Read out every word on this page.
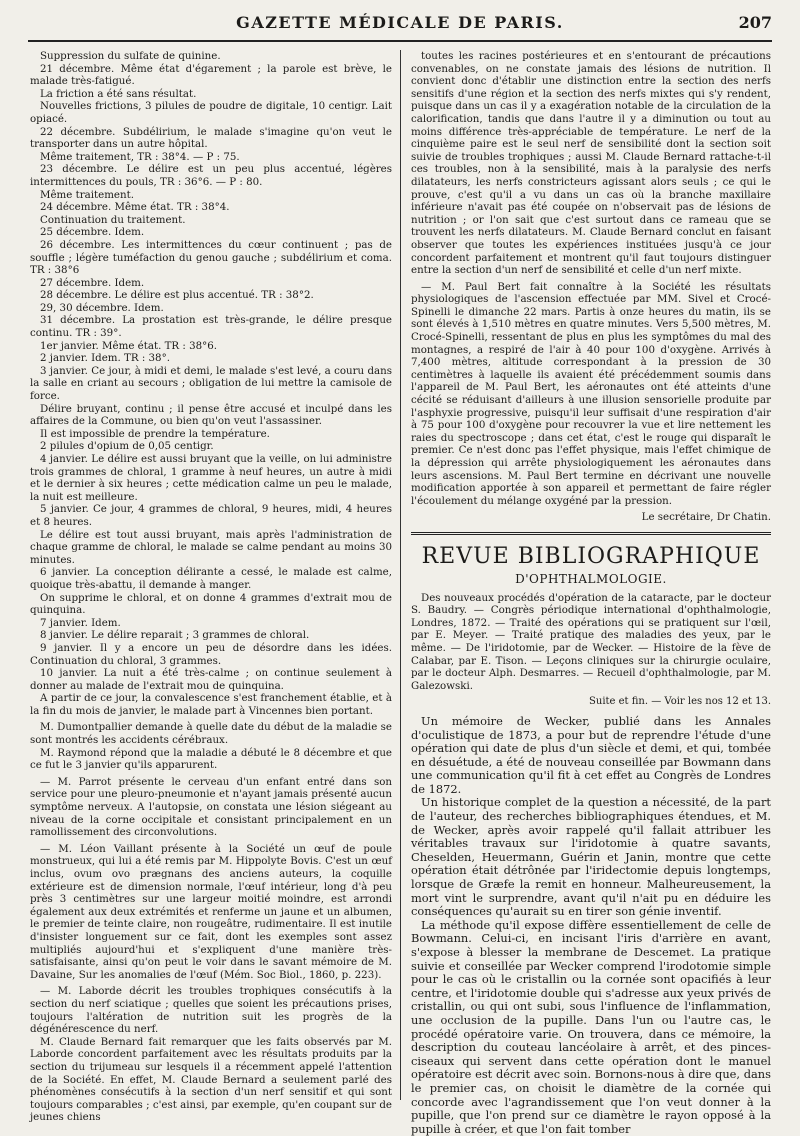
GAZETTE MÉDICALE DE PARIS.	207

Suppression du sulfate de quinine.

21 décembre. Même état d'égarement ; la parole est brève, le malade très-fatigué.

La friction a été sans résultat.

Nouvelles frictions, 3 pilules de poudre de digitale, 10 centigr. Lait opiacé.

22 décembre. Subdélirium, le malade s'imagine qu'on veut le transporter dans un autre hôpital.

Même traitement, TR : 38°4. — P : 75.

23 décembre. Le délire est un peu plus accentué, légères intermittences du pouls, TR : 36°6. — P : 80.

Même traitement.

24 décembre. Même état. TR : 38°4.

Continuation du traitement.

25 décembre. Idem.

26 décembre. Les intermittences du cœur continuent ; pas de souffle ; légère tuméfaction du genou gauche ; subdélirium et coma. TR : 38°6

27 décembre. Idem.

28 décembre. Le délire est plus accentué. TR : 38°2.

29, 30 décembre. Idem.

31 décembre. La prostation est très-grande, le délire presque continu. TR : 39°.

1er janvier. Même état. TR : 38°6.

2 janvier. Idem. TR : 38°.

3 janvier. Ce jour, à midi et demi, le malade s'est levé, a couru dans la salle en criant au secours ; obligation de lui mettre la camisole de force.

Délire bruyant, continu ; il pense être accusé et inculpé dans les affaires de la Commune, ou bien qu'on veut l'assassiner.

Il est impossible de prendre la température.

2 pilules d'opium de 0,05 centigr.

4 janvier. Le délire est aussi bruyant que la veille, on lui administre trois grammes de chloral, 1 gramme à neuf heures, un autre à midi et le dernier à six heures ; cette médication calme un peu le malade, la nuit est meilleure.

5 janvier. Ce jour, 4 grammes de chloral, 9 heures, midi, 4 heures et 8 heures.

Le délire est tout aussi bruyant, mais après l'administration de chaque gramme de chloral, le malade se calme pendant au moins 30 minutes.

6 janvier. La conception délirante a cessé, le malade est calme, quoique très-abattu, il demande à manger.

On supprime le chloral, et on donne 4 grammes d'extrait mou de quinquina.

7 janvier. Idem.

8 janvier. Le délire reparait ; 3 grammes de chloral.

9 janvier. Il y a encore un peu de désordre dans les idées. Continuation du chloral, 3 grammes.

10 janvier. La nuit a été très-calme ; on continue seulement à donner au malade de l'extrait mou de quinquina.

A partir de ce jour, la convalescence s'est franchement établie, et à la fin du mois de janvier, le malade part à Vincennes bien portant.

M. Dumontpallier demande à quelle date du début de la maladie se sont montrés les accidents cérébraux.

M. Raymond répond que la maladie a débuté le 8 décembre et que ce fut le 3 janvier qu'ils apparurent.

— M. Parrot présente le cerveau d'un enfant entré dans son service pour une pleuro-pneumonie et n'ayant jamais présenté aucun symptôme nerveux. A l'autopsie, on constata une lésion siégeant au niveau de la corne occipitale et consistant principalement en un ramollissement des circonvolutions.

— M. Léon Vaillant présente à la Société un œuf de poule monstrueux, qui lui a été remis par M. Hippolyte Bovis. C'est un œuf inclus, ovum ovo prægnans des anciens auteurs, la coquille extérieure est de dimension normale, l'œuf intérieur, long d'à peu près 3 centimètres sur une largeur moitié moindre, est arrondi également aux deux extrémités et renferme un jaune et un albumen, le premier de teinte claire, non rougeâtre, rudimentaire. Il est inutile d'insister longuement sur ce fait, dont les exemples sont assez multipliés aujourd'hui et s'expliquent d'une manière très-satisfaisante, ainsi qu'on peut le voir dans le savant mémoire de M. Davaine, Sur les anomalies de l'œuf (Mém. Soc Biol., 1860, p. 223).

— M. Laborde décrit les troubles trophiques consécutifs à la section du nerf sciatique ; quelles que soient les précautions prises, toujours l'altération de nutrition suit les progrès de la dégénérescence du nerf.

M. Claude Bernard fait remarquer que les faits observés par M. Laborde concordent parfaitement avec les résultats produits par la section du trijumeau sur lesquels il a récemment appelé l'attention de la Société. En effet, M. Claude Bernard a seulement parlé des phénomènes consécutifs à la section d'un nerf sensitif et qui sont toujours comparables ; c'est ainsi, par exemple, qu'en coupant sur de jeunes chiens

toutes les racines postérieures et en s'entourant de précautions convenables, on ne constate jamais des lésions de nutrition. Il convient donc d'établir une distinction entre la section des nerfs sensitifs d'une région et la section des nerfs mixtes qui s'y rendent, puisque dans un cas il y a exagération notable de la circulation de la calorification, tandis que dans l'autre il y a diminution ou tout au moins différence très-appréciable de température. Le nerf de la cinquième paire est le seul nerf de sensibilité dont la section soit suivie de troubles trophiques ; aussi M. Claude Bernard rattache-t-il ces troubles, non à la sensibilité, mais à la paralysie des nerfs dilatateurs, les nerfs constricteurs agissant alors seuls ; ce qui le prouve, c'est qu'il a vu dans un cas où la branche maxillaire inférieure n'avait pas été coupée on n'observait pas de lésions de nutrition ; or l'on sait que c'est surtout dans ce rameau que se trouvent les nerfs dilatateurs. M. Claude Bernard conclut en faisant observer que toutes les expériences instituées jusqu'à ce jour concordent parfaitement et montrent qu'il faut toujours distinguer entre la section d'un nerf de sensibilité et celle d'un nerf mixte.

— M. Paul Bert fait connaître à la Société les résultats physiologiques de l'ascension effectuée par MM. Sivel et Crocé-Spinelli le dimanche 22 mars. Partis à onze heures du matin, ils se sont élevés à 1,510 mètres en quatre minutes. Vers 5,500 mètres, M. Crocé-Spinelli, ressentant de plus en plus les symptômes du mal des montagnes, a respiré de l'air à 40 pour 100 d'oxygène. Arrivés à 7,400 mètres, altitude correspondant à la pression de 30 centimètres à laquelle ils avaient été précédemment soumis dans l'appareil de M. Paul Bert, les aéronautes ont été atteints d'une cécité se réduisant d'ailleurs à une illusion sensorielle produite par l'asphyxie progressive, puisqu'il leur suffisait d'une respiration d'air à 75 pour 100 d'oxygène pour recouvrer la vue et lire nettement les raies du spectroscope ; dans cet état, c'est le rouge qui disparaît le premier. Ce n'est donc pas l'effet physique, mais l'effet chimique de la dépression qui arrête physiologiquement les aéronautes dans leurs ascensions. M. Paul Bert termine en décrivant une nouvelle modification apportée à son appareil et permettant de faire régler l'écoulement du mélange oxygéné par la pression.

Le secrétaire, Dr Chatin.
REVUE BIBLIOGRAPHIQUE
D'OPHTHALMOLOGIE.

Des nouveaux procédés d'opération de la cataracte, par le docteur S. Baudry. — Congrès périodique international d'ophthalmologie, Londres, 1872. — Traité des opérations qui se pratiquent sur l'œil, par E. Meyer. — Traité pratique des maladies des yeux, par le même. — De l'iridotomie, par de Wecker. — Histoire de la fève de Calabar, par E. Tison. — Leçons cliniques sur la chirurgie oculaire, par le docteur Alph. Desmarres. — Recueil d'ophthalmologie, par M. Galezowski.

Suite et fin. — Voir les nos 12 et 13.

Un mémoire de Wecker, publié dans les Annales d'oculistique de 1873, a pour but de reprendre l'étude d'une opération qui date de plus d'un siècle et demi, et qui, tombée en désuétude, a été de nouveau conseillée par Bowmann dans une communication qu'il fit à cet effet au Congrès de Londres de 1872.

Un historique complet de la question a nécessité, de la part de l'auteur, des recherches bibliographiques étendues, et M. de Wecker, après avoir rappelé qu'il fallait attribuer les véritables travaux sur l'iridotomie à quatre savants, Cheselden, Heuermann, Guérin et Janin, montre que cette opération était détrônée par l'iridectomie depuis longtemps, lorsque de Græfe la remit en honneur. Malheureusement, la mort vint le surprendre, avant qu'il n'ait pu en déduire les conséquences qu'aurait su en tirer son génie inventif.

La méthode qu'il expose diffère essentiellement de celle de Bowmann. Celui-ci, en incisant l'iris d'arrière en avant, s'expose à blesser la membrane de Descemet. La pratique suivie et conseillée par Wecker comprend l'irodotomie simple pour le cas où le cristallin ou la cornée sont opacifiés à leur centre, et l'iridotomie double qui s'adresse aux yeux privés de cristallin, ou qui ont subi, sous l'influence de l'inflammation, une occlusion de la pupille. Dans l'un ou l'autre cas, le procédé opératoire varie. On trouvera, dans ce mémoire, la description du couteau lancéolaire à arrêt, et des pinces-ciseaux qui servent dans cette opération dont le manuel opératoire est décrit avec soin. Bornons-nous à dire que, dans le premier cas, on choisit le diamètre de la cornée qui concorde avec l'agrandissement que l'on veut donner à la pupille, que l'on prend sur ce diamètre le rayon opposé à la pupille à créer, et que l'on fait tomber
